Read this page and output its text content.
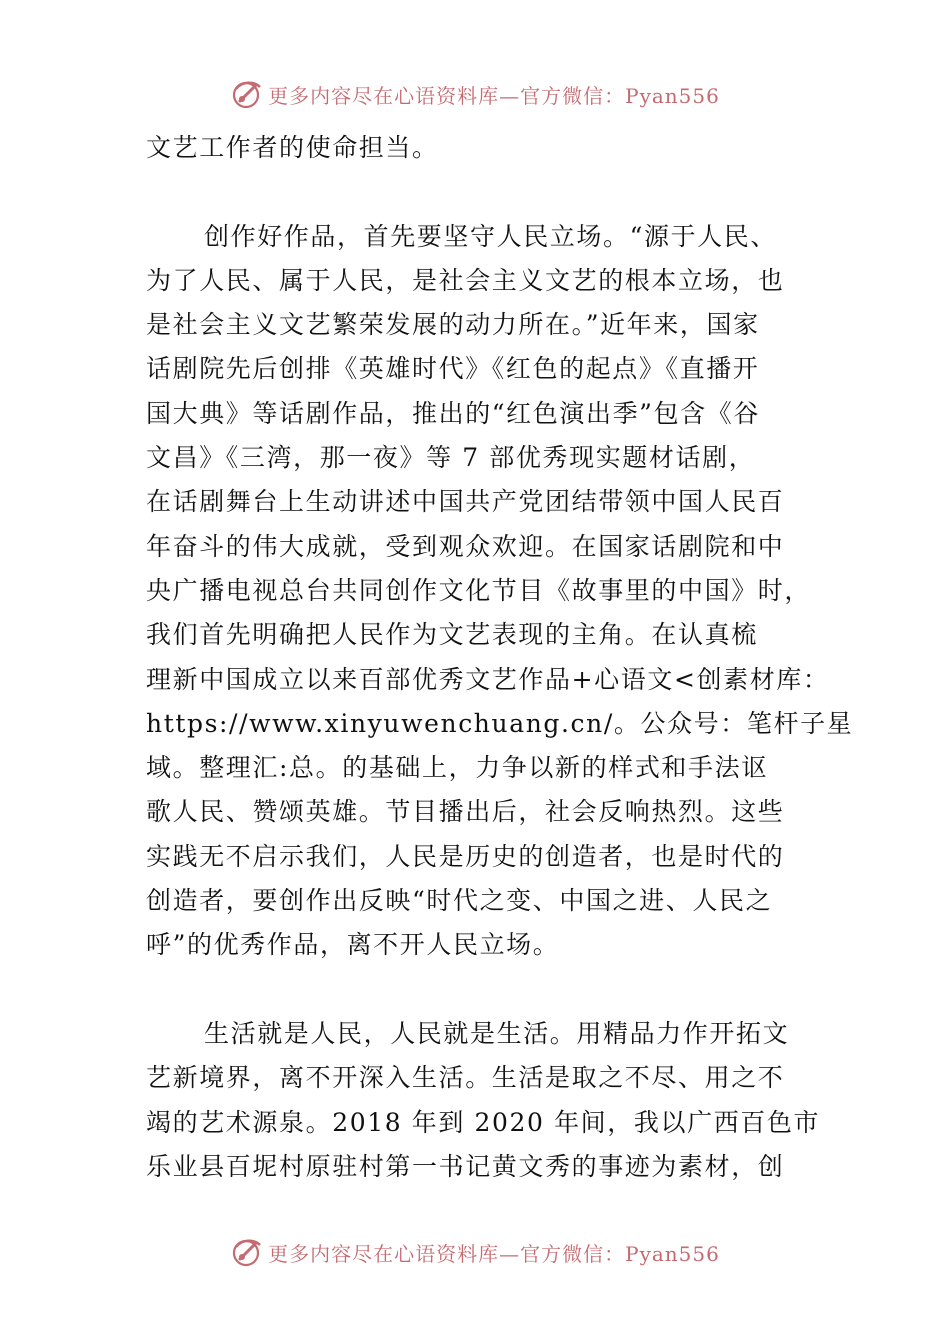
更多内容尽在心语资料库—官方微信：Pyan556
文艺工作者的使命担当。
创作好作品，首先要坚守人民立场。“源于人民、
为了人民、属于人民，是社会主义文艺的根本立场，也
是社会主义文艺繁荣发展的动力所在。”近年来，国家
话剧院先后创排《英雄时代》《红色的起点》《直播开
国大典》等话剧作品，推出的“红色演出季”包含《谷
文昌》《三湾，那一夜》等 7 部优秀现实题材话剧，
在话剧舞台上生动讲述中国共产党团结带领中国人民百
年奋斗的伟大成就，受到观众欢迎。在国家话剧院和中
央广播电视总台共同创作文化节目《故事里的中国》时，
我们首先明确把人民作为文艺表现的主角。在认真梳
理新中国成立以来百部优秀文艺作品+心语文<创素材库：
https://www.xinyuwenchuang.cn/。公众号：笔杆子星
域。整理汇:总。的基础上，力争以新的样式和手法讴
歌人民、赞颂英雄。节目播出后，社会反响热烈。这些
实践无不启示我们，人民是历史的创造者，也是时代的
创造者，要创作出反映“时代之变、中国之进、人民之
呼”的优秀作品，离不开人民立场。
生活就是人民，人民就是生活。用精品力作开拓文
艺新境界，离不开深入生活。生活是取之不尽、用之不
竭的艺术源泉。2018 年到 2020 年间，我以广西百色市
乐业县百坭村原驻村第一书记黄文秀的事迹为素材，创
更多内容尽在心语资料库—官方微信：Pyan556
